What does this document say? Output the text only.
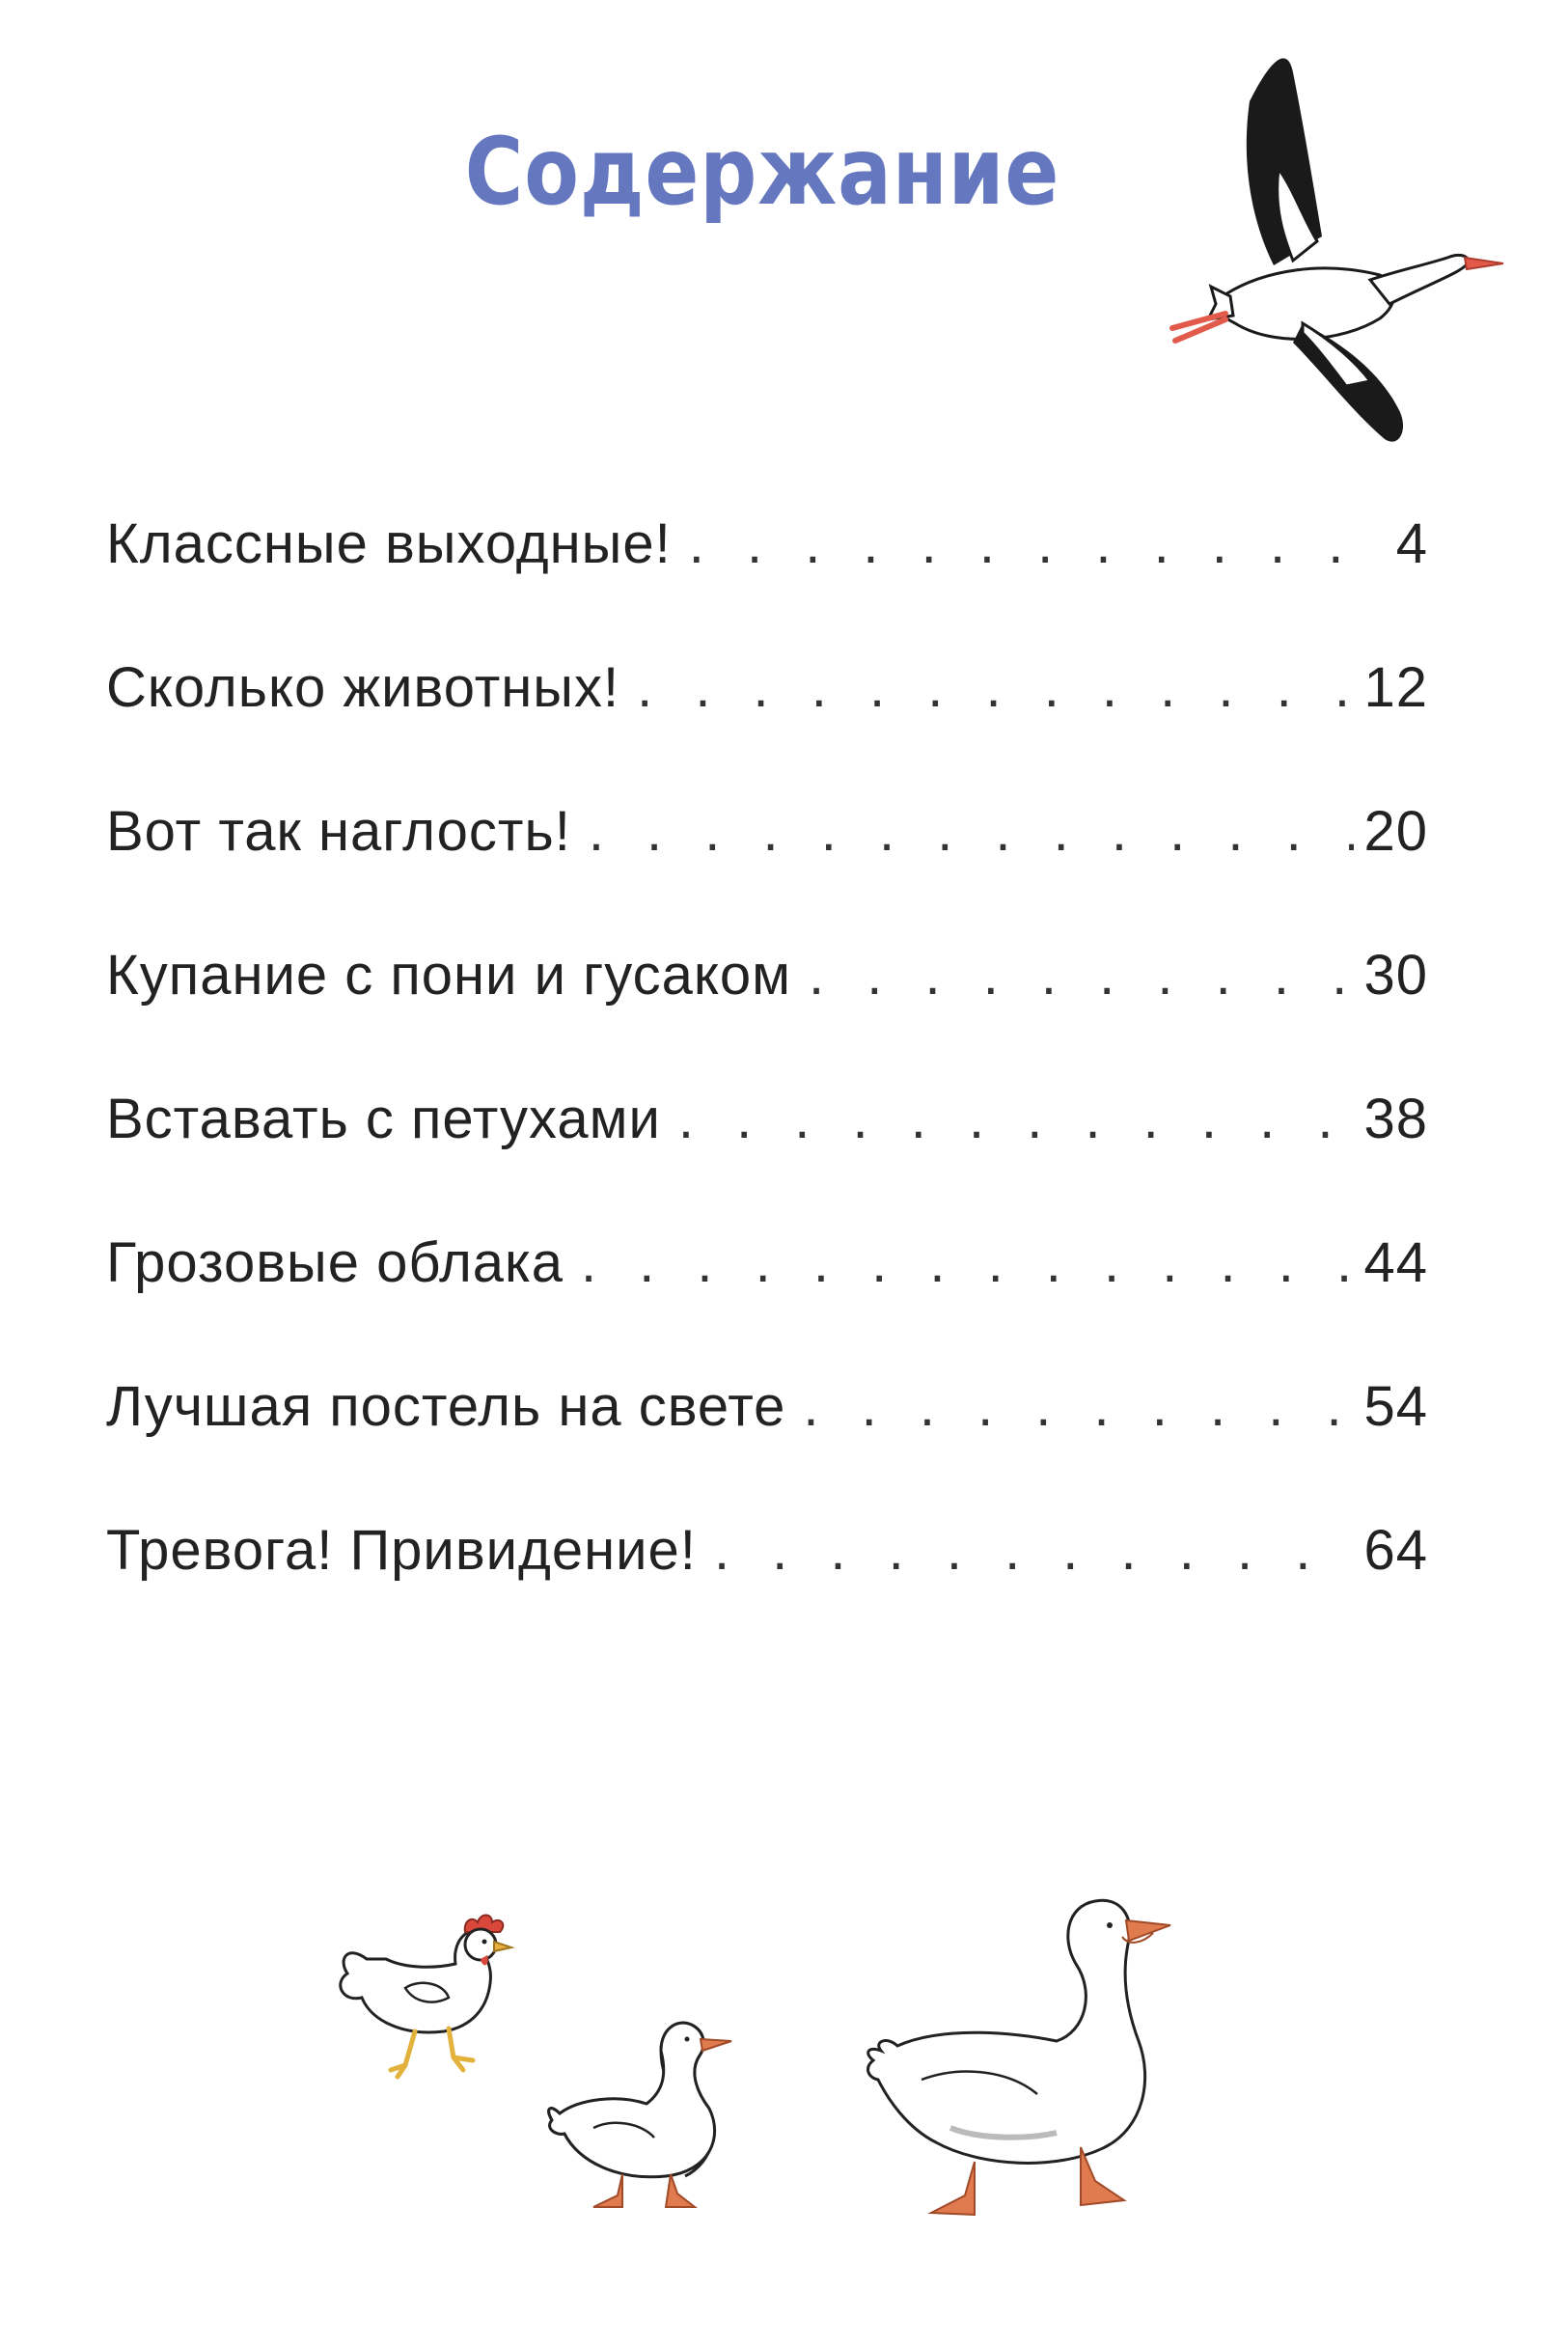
Содержание
Классные выходные! . . .	4
Сколько животных! . . .	12
Вот так наглость! . . .	20
Купание с пони и гусаком . . .	30
Вставать с петухами . . .	38
Грозовые облака . . .	44
Лучшая постель на свете . . .	54
Тревога! Привидение! . . .	64
